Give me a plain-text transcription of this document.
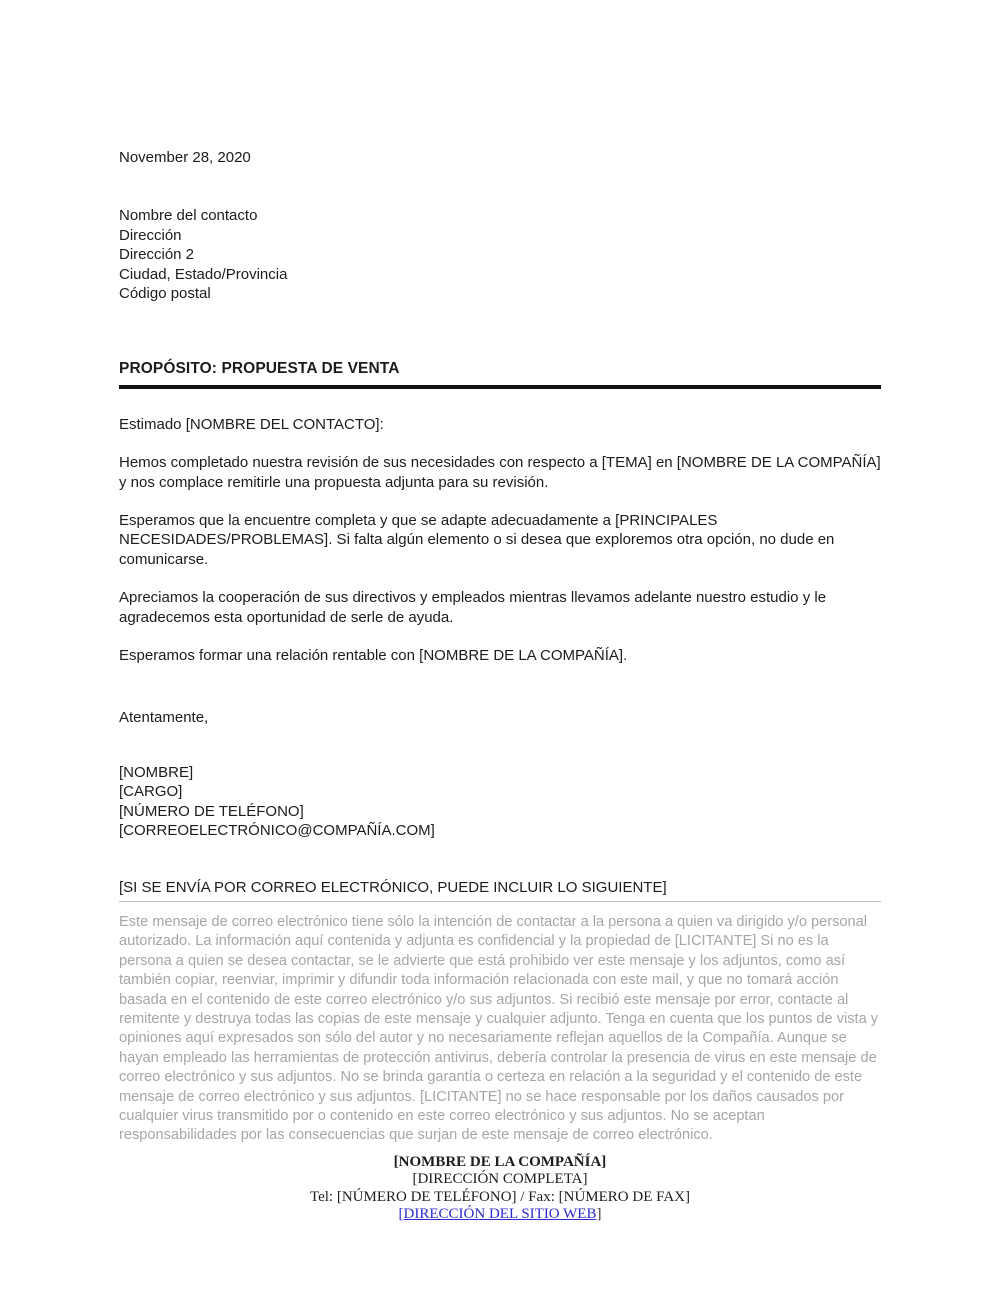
November 28, 2020
Nombre del contacto
Dirección
Dirección 2
Ciudad, Estado/Provincia
Código postal
PROPÓSITO: PROPUESTA DE VENTA
Estimado [NOMBRE DEL CONTACTO]:

Hemos completado nuestra revisión de sus necesidades con respecto a [TEMA] en [NOMBRE DE LA COMPAÑÍA] y nos complace remitirle una propuesta adjunta para su revisión.

Esperamos que la encuentre completa y que se adapte adecuadamente a [PRINCIPALES NECESIDADES/PROBLEMAS]. Si falta algún elemento o si desea que exploremos otra opción, no dude en comunicarse.

Apreciamos la cooperación de sus directivos y empleados mientras llevamos adelante nuestro estudio y le agradecemos esta oportunidad de serle de ayuda.

Esperamos formar una relación rentable con [NOMBRE DE LA COMPAÑÍA].

Atentamente,
[NOMBRE]
[CARGO]
[NÚMERO DE TELÉFONO]
[CORREOELECTRÓNICO@COMPAÑÍA.COM]
[SI SE ENVÍA POR CORREO ELECTRÓNICO, PUEDE INCLUIR LO SIGUIENTE]

Este mensaje de correo electrónico tiene sólo la intención de contactar a la persona a quien va dirigido y/o personal autorizado. La información aquí contenida y adjunta es confidencial y la propiedad de [LICITANTE] Si no es la persona a quien se desea contactar, se le advierte que está prohibido ver este mensaje y los adjuntos, como así también copiar, reenviar, imprimir y difundir toda información relacionada con este mail, y que no tomará acción basada en el contenido de este correo electrónico y/o sus adjuntos. Si recibió este mensaje por error, contacte al remitente y destruya todas las copias de este mensaje y cualquier adjunto. Tenga en cuenta que los puntos de vista y opiniones aquí expresados son sólo del autor y no necesariamente reflejan aquellos de la Compañía. Aunque se hayan empleado las herramientas de protección antivirus, debería controlar la presencia de virus en este mensaje de correo electrónico y sus adjuntos. No se brinda garantía o certeza en relación a la seguridad y el contenido de este mensaje de correo electrónico y sus adjuntos. [LICITANTE] no se hace responsable por los daños causados por cualquier virus transmitido por o contenido en este correo electrónico y sus adjuntos. No se aceptan responsabilidades por las consecuencias que surjan de este mensaje de correo electrónico.

[NOMBRE DE LA COMPAÑÍA]
[DIRECCIÓN COMPLETA]
Tel: [NÚMERO DE TELÉFONO] / Fax: [NÚMERO DE FAX]
[DIRECCIÓN DEL SITIO WEB]
